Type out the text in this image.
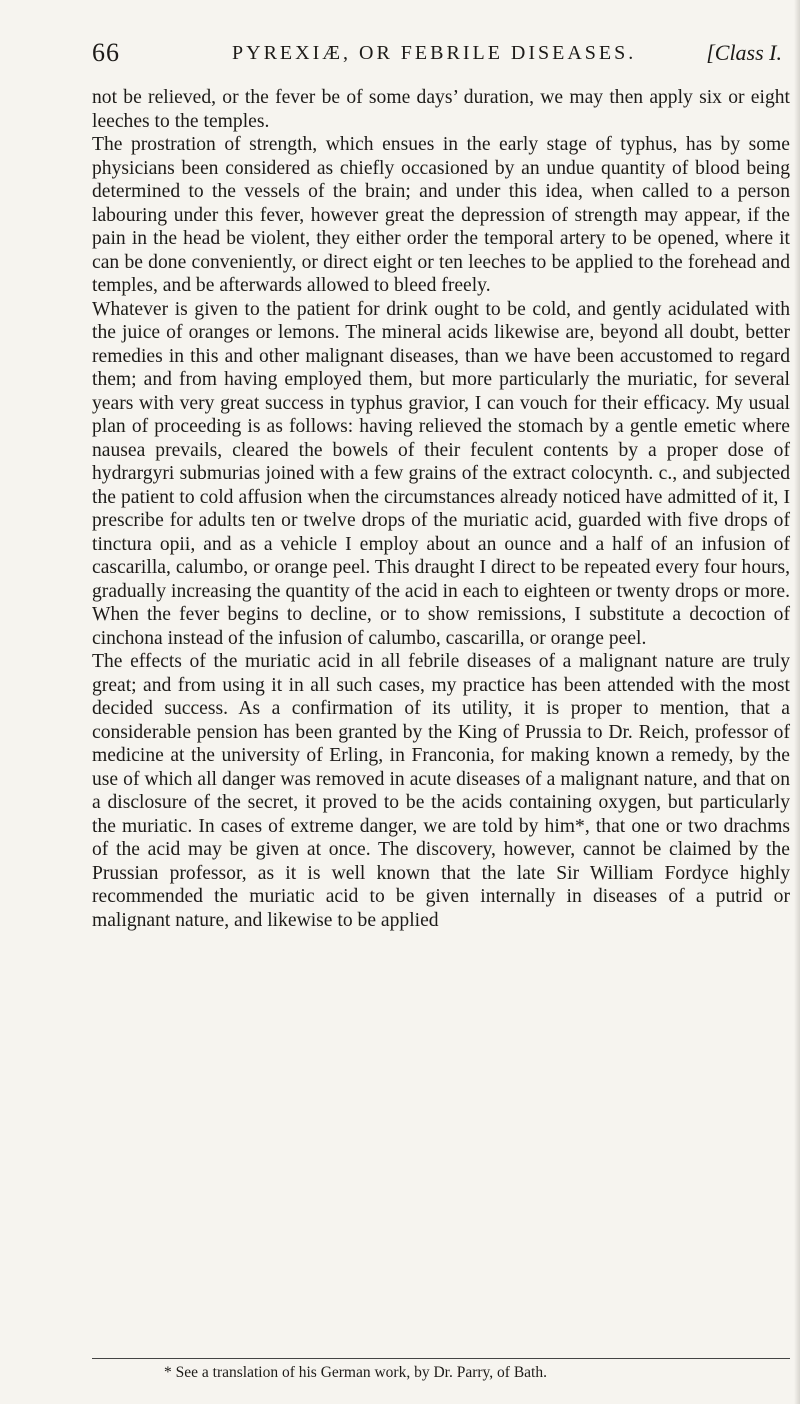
66	PYREXIÆ, OR FEBRILE DISEASES.	[Class I.

not be relieved, or the fever be of some days’ duration, we may then apply six or eight leeches to the temples.

The prostration of strength, which ensues in the early stage of typhus, has by some physicians been considered as chiefly occasioned by an undue quantity of blood being determined to the vessels of the brain; and under this idea, when called to a person labouring under this fever, however great the depression of strength may appear, if the pain in the head be violent, they either order the temporal artery to be opened, where it can be done conveniently, or direct eight or ten leeches to be applied to the forehead and temples, and be afterwards allowed to bleed freely.

Whatever is given to the patient for drink ought to be cold, and gently acidulated with the juice of oranges or lemons. The mineral acids likewise are, beyond all doubt, better remedies in this and other malignant diseases, than we have been accustomed to regard them; and from having employed them, but more particularly the muriatic, for several years with very great success in typhus gravior, I can vouch for their efficacy. My usual plan of proceeding is as follows: having relieved the stomach by a gentle emetic where nausea prevails, cleared the bowels of their feculent contents by a proper dose of hydrargyri submurias joined with a few grains of the extract colocynth. c., and subjected the patient to cold affusion when the circumstances already noticed have admitted of it, I prescribe for adults ten or twelve drops of the muriatic acid, guarded with five drops of tinctura opii, and as a vehicle I employ about an ounce and a half of an infusion of cascarilla, calumbo, or orange peel. This draught I direct to be repeated every four hours, gradually increasing the quantity of the acid in each to eighteen or twenty drops or more. When the fever begins to decline, or to show remissions, I substitute a decoction of cinchona instead of the infusion of calumbo, cascarilla, or orange peel.

The effects of the muriatic acid in all febrile diseases of a malignant nature are truly great; and from using it in all such cases, my practice has been attended with the most decided success. As a confirmation of its utility, it is proper to mention, that a considerable pension has been granted by the King of Prussia to Dr. Reich, professor of medicine at the university of Erling, in Franconia, for making known a remedy, by the use of which all danger was removed in acute diseases of a malignant nature, and that on a disclosure of the secret, it proved to be the acids containing oxygen, but particularly the muriatic. In cases of extreme danger, we are told by him*, that one or two drachms of the acid may be given at once. The discovery, however, cannot be claimed by the Prussian professor, as it is well known that the late Sir William Fordyce highly recommended the muriatic acid to be given internally in diseases of a putrid or malignant nature, and likewise to be applied

* See a translation of his German work, by Dr. Parry, of Bath.
